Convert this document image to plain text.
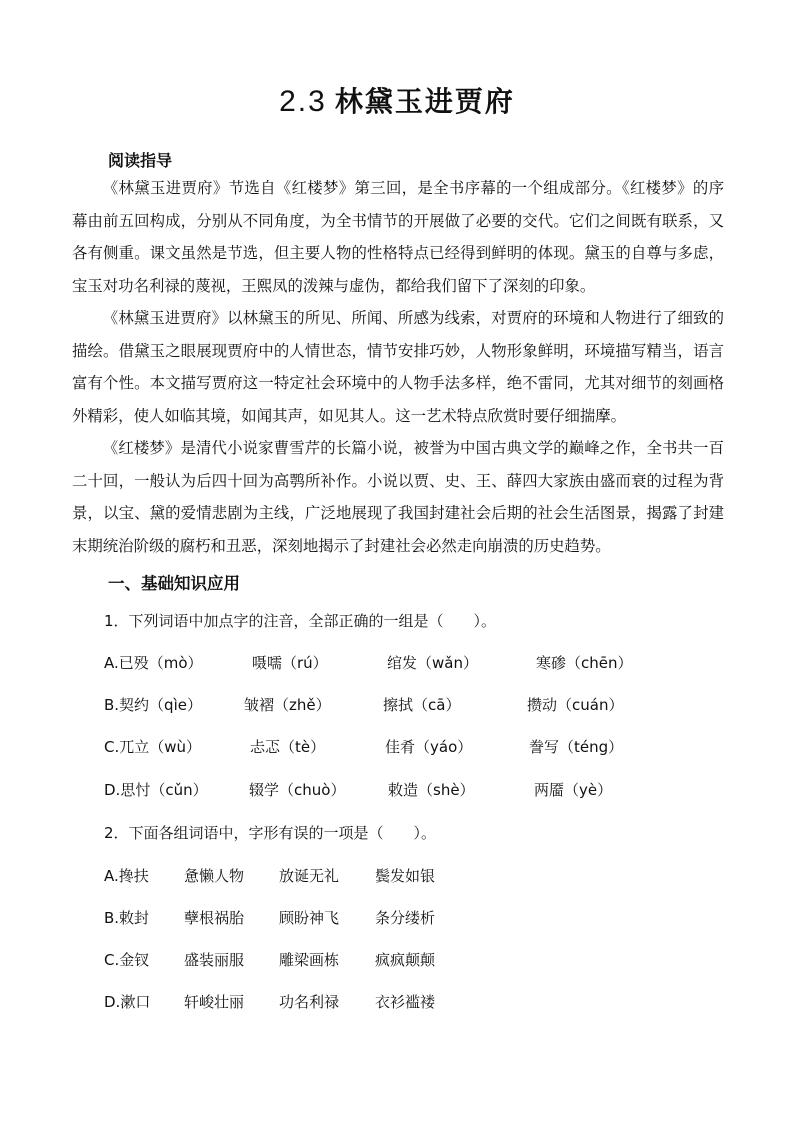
2.3 林黛玉进贾府
阅读指导

《林黛玉进贾府》节选自《红楼梦》第三回，是全书序幕的一个组成部分。《红楼梦》的序幕由前五回构成，分别从不同角度，为全书情节的开展做了必要的交代。它们之间既有联系，又各有侧重。课文虽然是节选，但主要人物的性格特点已经得到鲜明的体现。黛玉的自尊与多虑，宝玉对功名利禄的蔑视，王熙凤的泼辣与虚伪，都给我们留下了深刻的印象。

《林黛玉进贾府》以林黛玉的所见、所闻、所感为线索，对贾府的环境和人物进行了细致的描绘。借黛玉之眼展现贾府中的人情世态，情节安排巧妙，人物形象鲜明，环境描写精当，语言富有个性。本文描写贾府这一特定社会环境中的人物手法多样，绝不雷同，尤其对细节的刻画格外精彩，使人如临其境，如闻其声，如见其人。这一艺术特点欣赏时要仔细揣摩。

《红楼梦》是清代小说家曹雪芹的长篇小说，被誉为中国古典文学的巅峰之作，全书共一百二十回，一般认为后四十回为高鹗所补作。小说以贾、史、王、薛四大家族由盛而衰的过程为背景，以宝、黛的爱情悲剧为主线，广泛地展现了我国封建社会后期的社会生活图景，揭露了封建末期统治阶级的腐朽和丑恶，深刻地揭示了封建社会必然走向崩溃的历史趋势。

一、基础知识应用
1．下列词语中加点字的注音，全部正确的一组是（　　）。
A.已殁（mò）	嗫嚅（rú）	绾发（wǎn）	寒碜（chēn）
B.契约（qìe）	皱褶（zhě）	擦拭（cā）	攒动（cuán）
C.兀立（wù）	忐忑（tè）	佳肴（yáo）	誊写（téng）
D.思忖（cǔn）	辍学（chuò）	敕造（shè）	两靥（yè）
2．下面各组词语中，字形有误的一项是（　　）。
A.搀扶 惫懒人物 放诞无礼 鬓发如银
B.敕封 孽根祸胎 顾盼神飞 条分缕析
C.金钗 盛装丽服 雕梁画栋 疯疯颠颠
D.漱口 轩峻壮丽 功名利禄 衣衫褴褛
